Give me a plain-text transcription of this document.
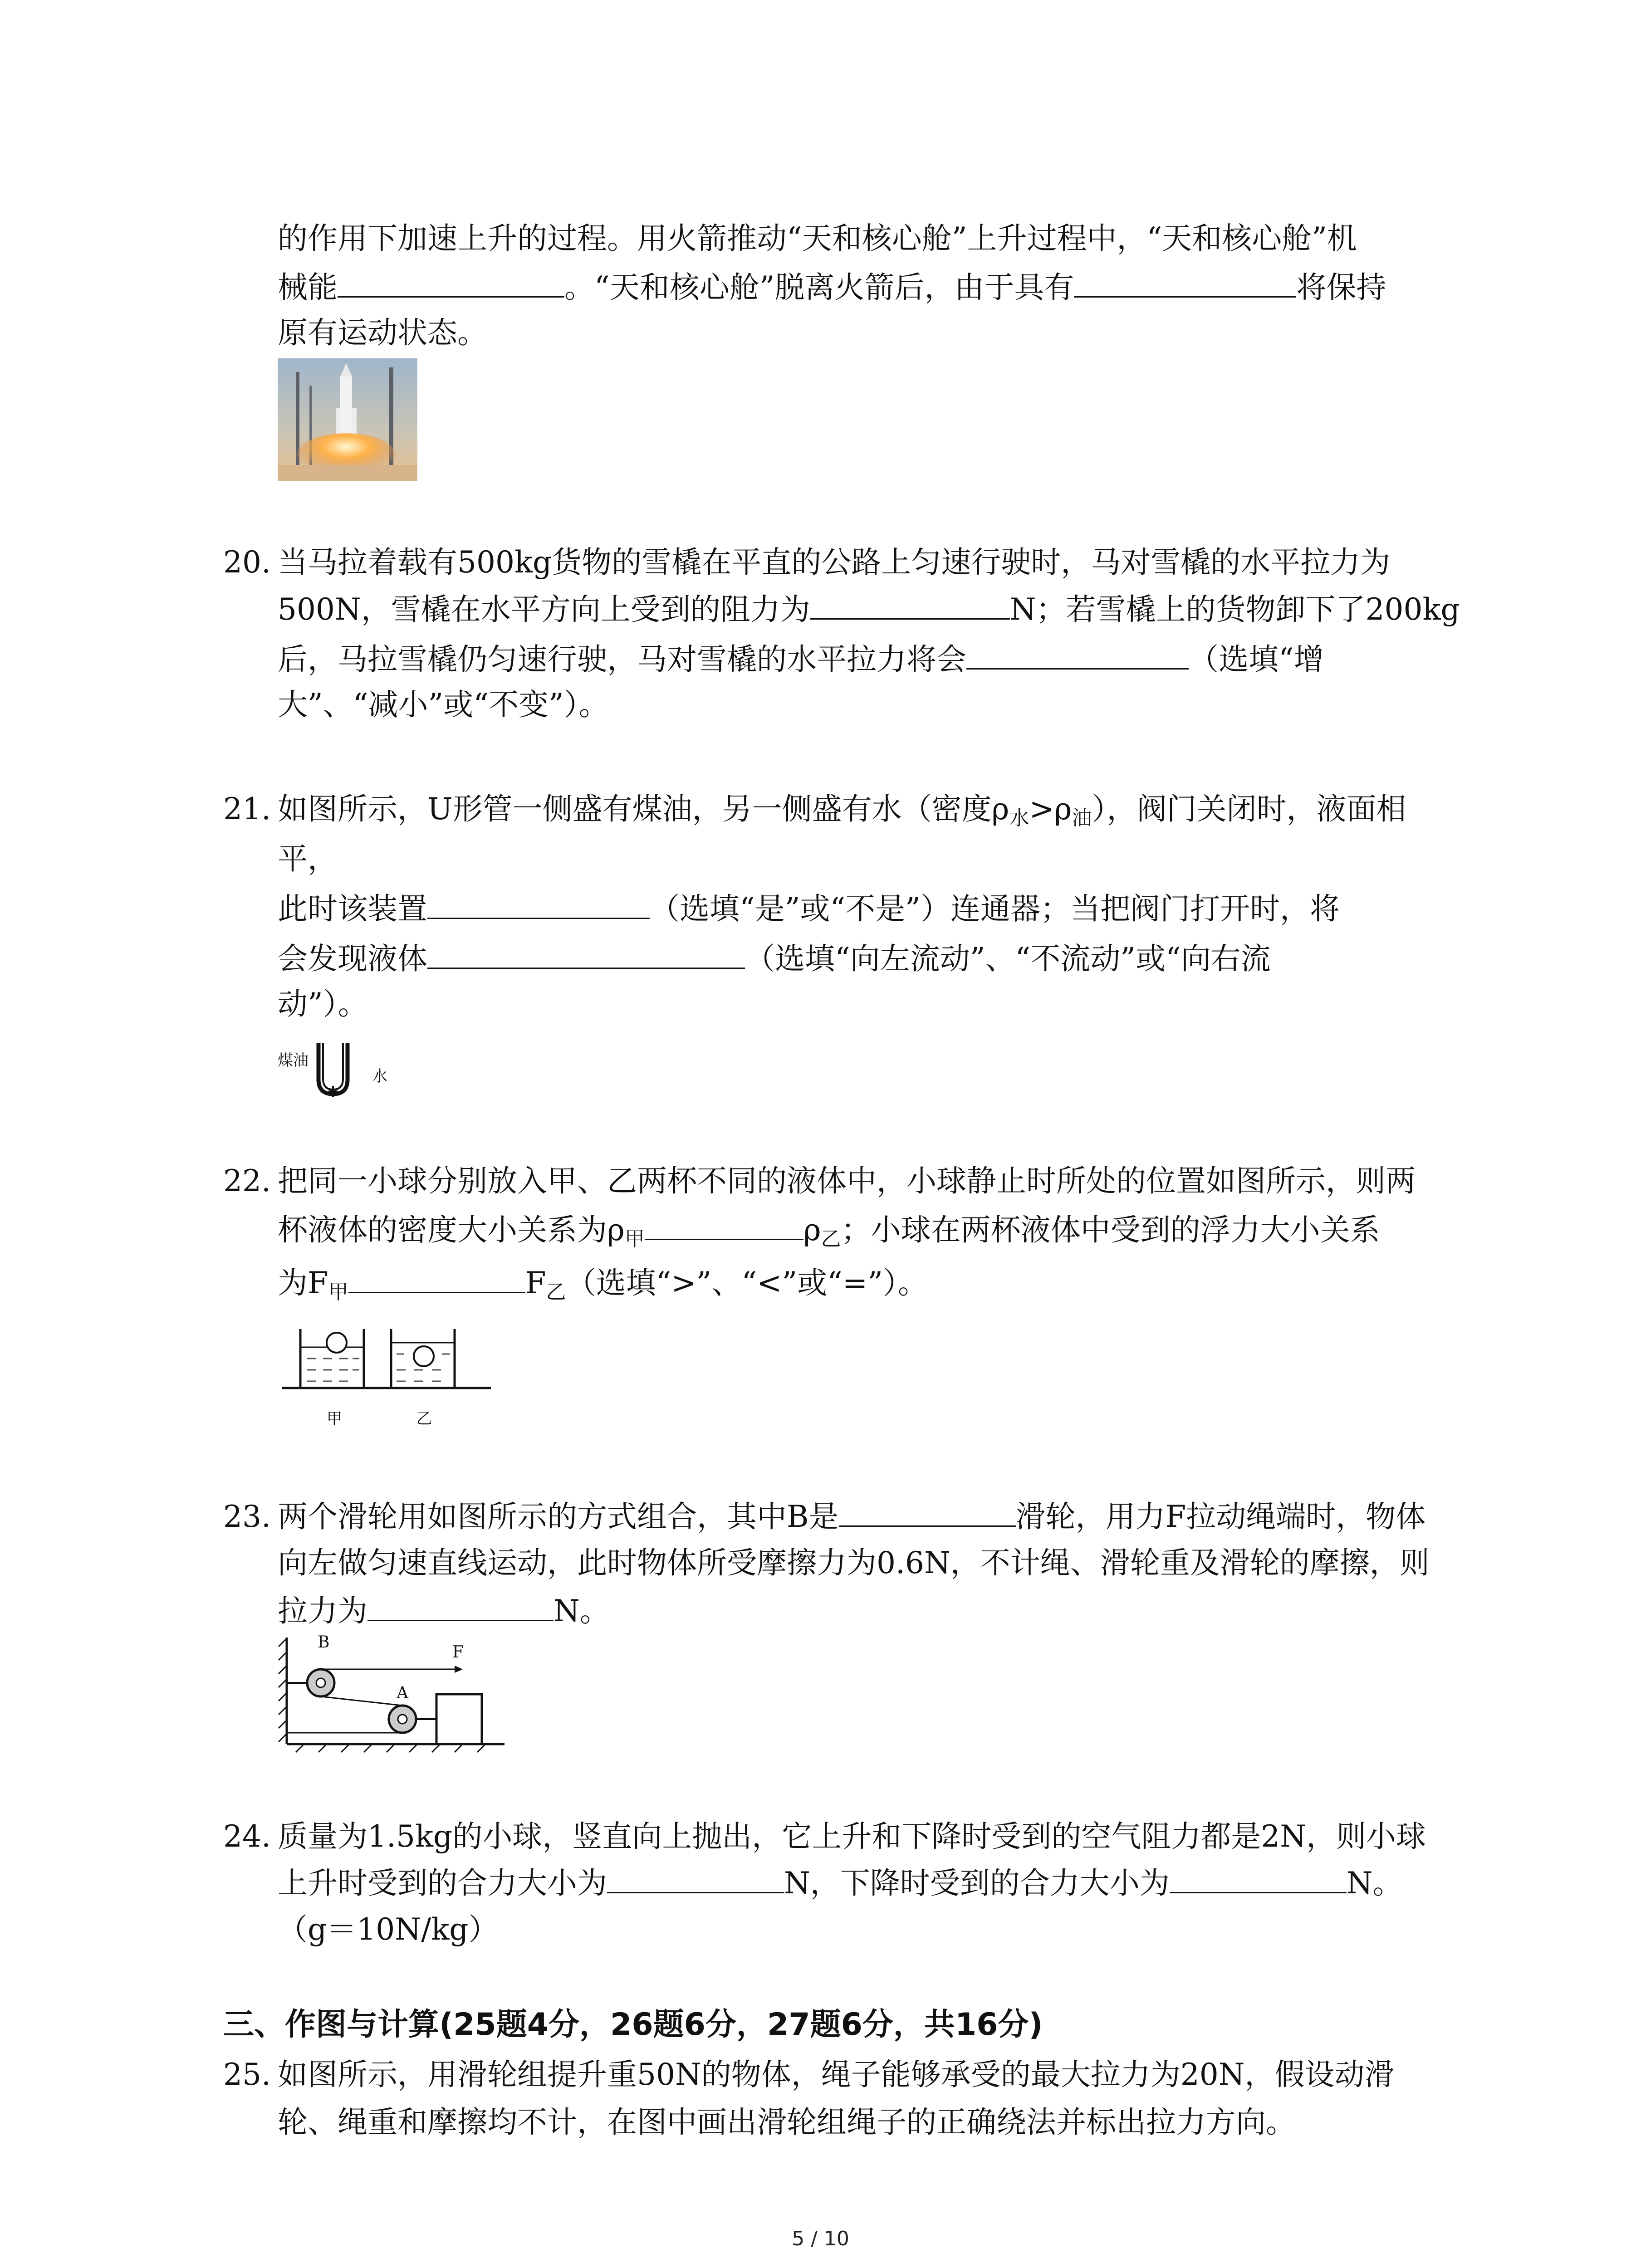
的作用下加速上升的过程。用火箭推动“天和核心舱”上升过程中，“天和核心舱”机
械能	。“天和核心舱”脱离火箭后，由于具有	将保持
原有运动状态。
20. 当马拉着载有500kg货物的雪橇在平直的公路上匀速行驶时，马对雪橇的水平拉力为
500N，雪橇在水平方向上受到的阻力为	N；若雪橇上的货物卸下了200kg
后，马拉雪橇仍匀速行驶，马对雪橇的水平拉力将会	（选填“增
大”、“减小”或“不变”）。
21. 如图所示，U形管一侧盛有煤油，另一侧盛有水（密度$\rho_水>\rho_油$），阀门关闭时，液面相
平，
此时该装置	（选填“是”或“不是”）连通器；当把阀门打开时，将
会发现液体	（选填“向左流动”、“不流动”或“向右流
动”）。
煤油
水
22. 把同一小球分别放入甲、乙两杯不同的液体中，小球静止时所处的位置如图所示，则两
杯液体的密度大小关系为$\rho_甲$	$\rho_乙$；小球在两杯液体中受到的浮力大小关系
为$F_甲$	$F_乙$（选填“>”、“<”或“=”）。
甲	乙
23. 两个滑轮用如图所示的方式组合，其中B是	滑轮，用力F拉动绳端时，物体
向左做匀速直线运动，此时物体所受摩擦力为0.6N，不计绳、滑轮重及滑轮的摩擦，则
拉力为	N。
B
A
F
24. 质量为1.5kg的小球，竖直向上抛出，它上升和下降时受到的空气阻力都是2N，则小球
上升时受到的合力大小为	N，下降时受到的合力大小为	N。
（g＝10N/kg）
三、作图与计算(25题4分，26题6分，27题6分，共16分)
25. 如图所示，用滑轮组提升重50N的物体，绳子能够承受的最大拉力为20N，假设动滑
轮、绳重和摩擦均不计，在图中画出滑轮组绳子的正确绕法并标出拉力方向。
5 / 10
